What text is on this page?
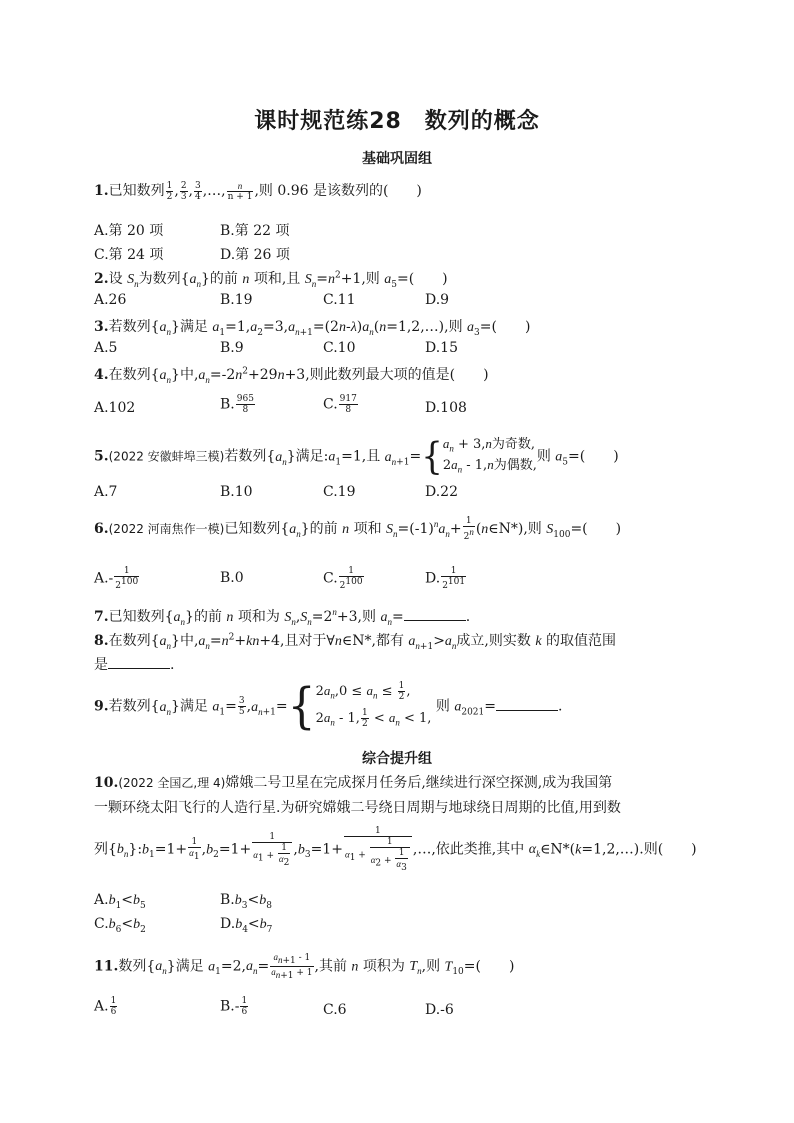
课时规范练28　数列的概念
基础巩固组
1.已知数列 $\frac{1}{2}$ , $\frac{2}{3}$ , $\frac{3}{4}$ ,…, $\frac{n}{n + 1}$ ,则 0.96 是该数列的(　　)
A.第 20 项	B.第 22 项
C.第 24 项	D.第 26 项
2.设 $S_n$为数列$\{a_n\}$的前 n 项和,且 $S_n=n^2+1$,则 $a_5=$(　　)
A.26	B.19	C.11	D.9
3.若数列$\{a_n\}$满足 $a_1=1,a_2=3,a_{n+1}=(2n-\lambda)a_n(n=1,2,\dots)$,则 $a_3=$(　　)
A.5	B.9	C.10	D.15
4.在数列$\{a_n\}$中$,a_n=-2n^2+29n+3$,则此数列最大项的值是(　　)
A.102	B. $\frac{965}{8}$	C. $\frac{917}{8}$	D.108
5.(2022 安徽蚌埠三模)若数列$\{a_n\}$满足$:a_1=1$,且 $a_{n+1}=\{a_n + 3,n$为奇数,
$2a_n - 1,n$为偶数,则 $a_5=$(　　)
A.7	B.10	C.19	D.22
6.(2022 河南焦作一模)已知数列$\{a_n\}$的前 n 项和 $S_n=(-1)^na_n+ \frac{1}{2^n}$ (n∈N*),则 $S_{100}=$(　　)
$A.- \frac{1}{2^{100}}$	B.0	C. $\frac{1}{2^{100}}$	D. $\frac{1}{2^{101}}$
7.已知数列$\{a_n\}$的前 n 项和为 $S_n,S_n=2^n+3$,则 $a_n=$	.
8.在数列$\{a_n\}$中$,a_n=n^2+kn+4$,且对于∀n∈N*,都有 $a_{n+1}>a_n$成立,则实数 k 的取值范围
是	.
9.若数列$\{a_n\}$满足 $a_1= \frac{3}{5} ,a_{n+1}=\{2a_n,0 \le a_n \le \frac{1}{2}$ ,
$2a_n - 1$, $\frac{1}{2} < a_n < 1$, 则 $a_{2021}=$	.
综合提升组
10.(2022 全国乙,理 4)嫦娥二号卫星在完成探月任务后,继续进行深空探测,成为我国第
一颗环绕太阳飞行的人造行星.为研究嫦娥二号绕日周期与地球绕日周期的比值,用到数
列$\{b_n\}:b_1=1+ \frac{1}{\alpha_1} ,b_2=1+ \frac{1}{\alpha_1 + \frac{1}{\alpha_2}} ,b_3=1+ \frac{1}{\alpha_1 + \frac{1}{\alpha_2 + \frac{1}{\alpha_3}}}$ ,…,依此类推,其中 $\alpha_k\in N*(k=1,2,\dots)$.则(　　)
$A.b_1<b_5$	$B.b_3<b_8$
$C.b_6<b_2$	$D.b_4<b_7$
11.数列$\{a_n\}$满足 $a_1=2,a_n= \frac{a_{n+1} - 1}{a_{n+1} + 1}$ ,其前 n 项积为 $T_n$,则 $T_{10}=$(　　)
A. $\frac{1}{6}$	$B.- \frac{1}{6}$	C.6	D.-6
